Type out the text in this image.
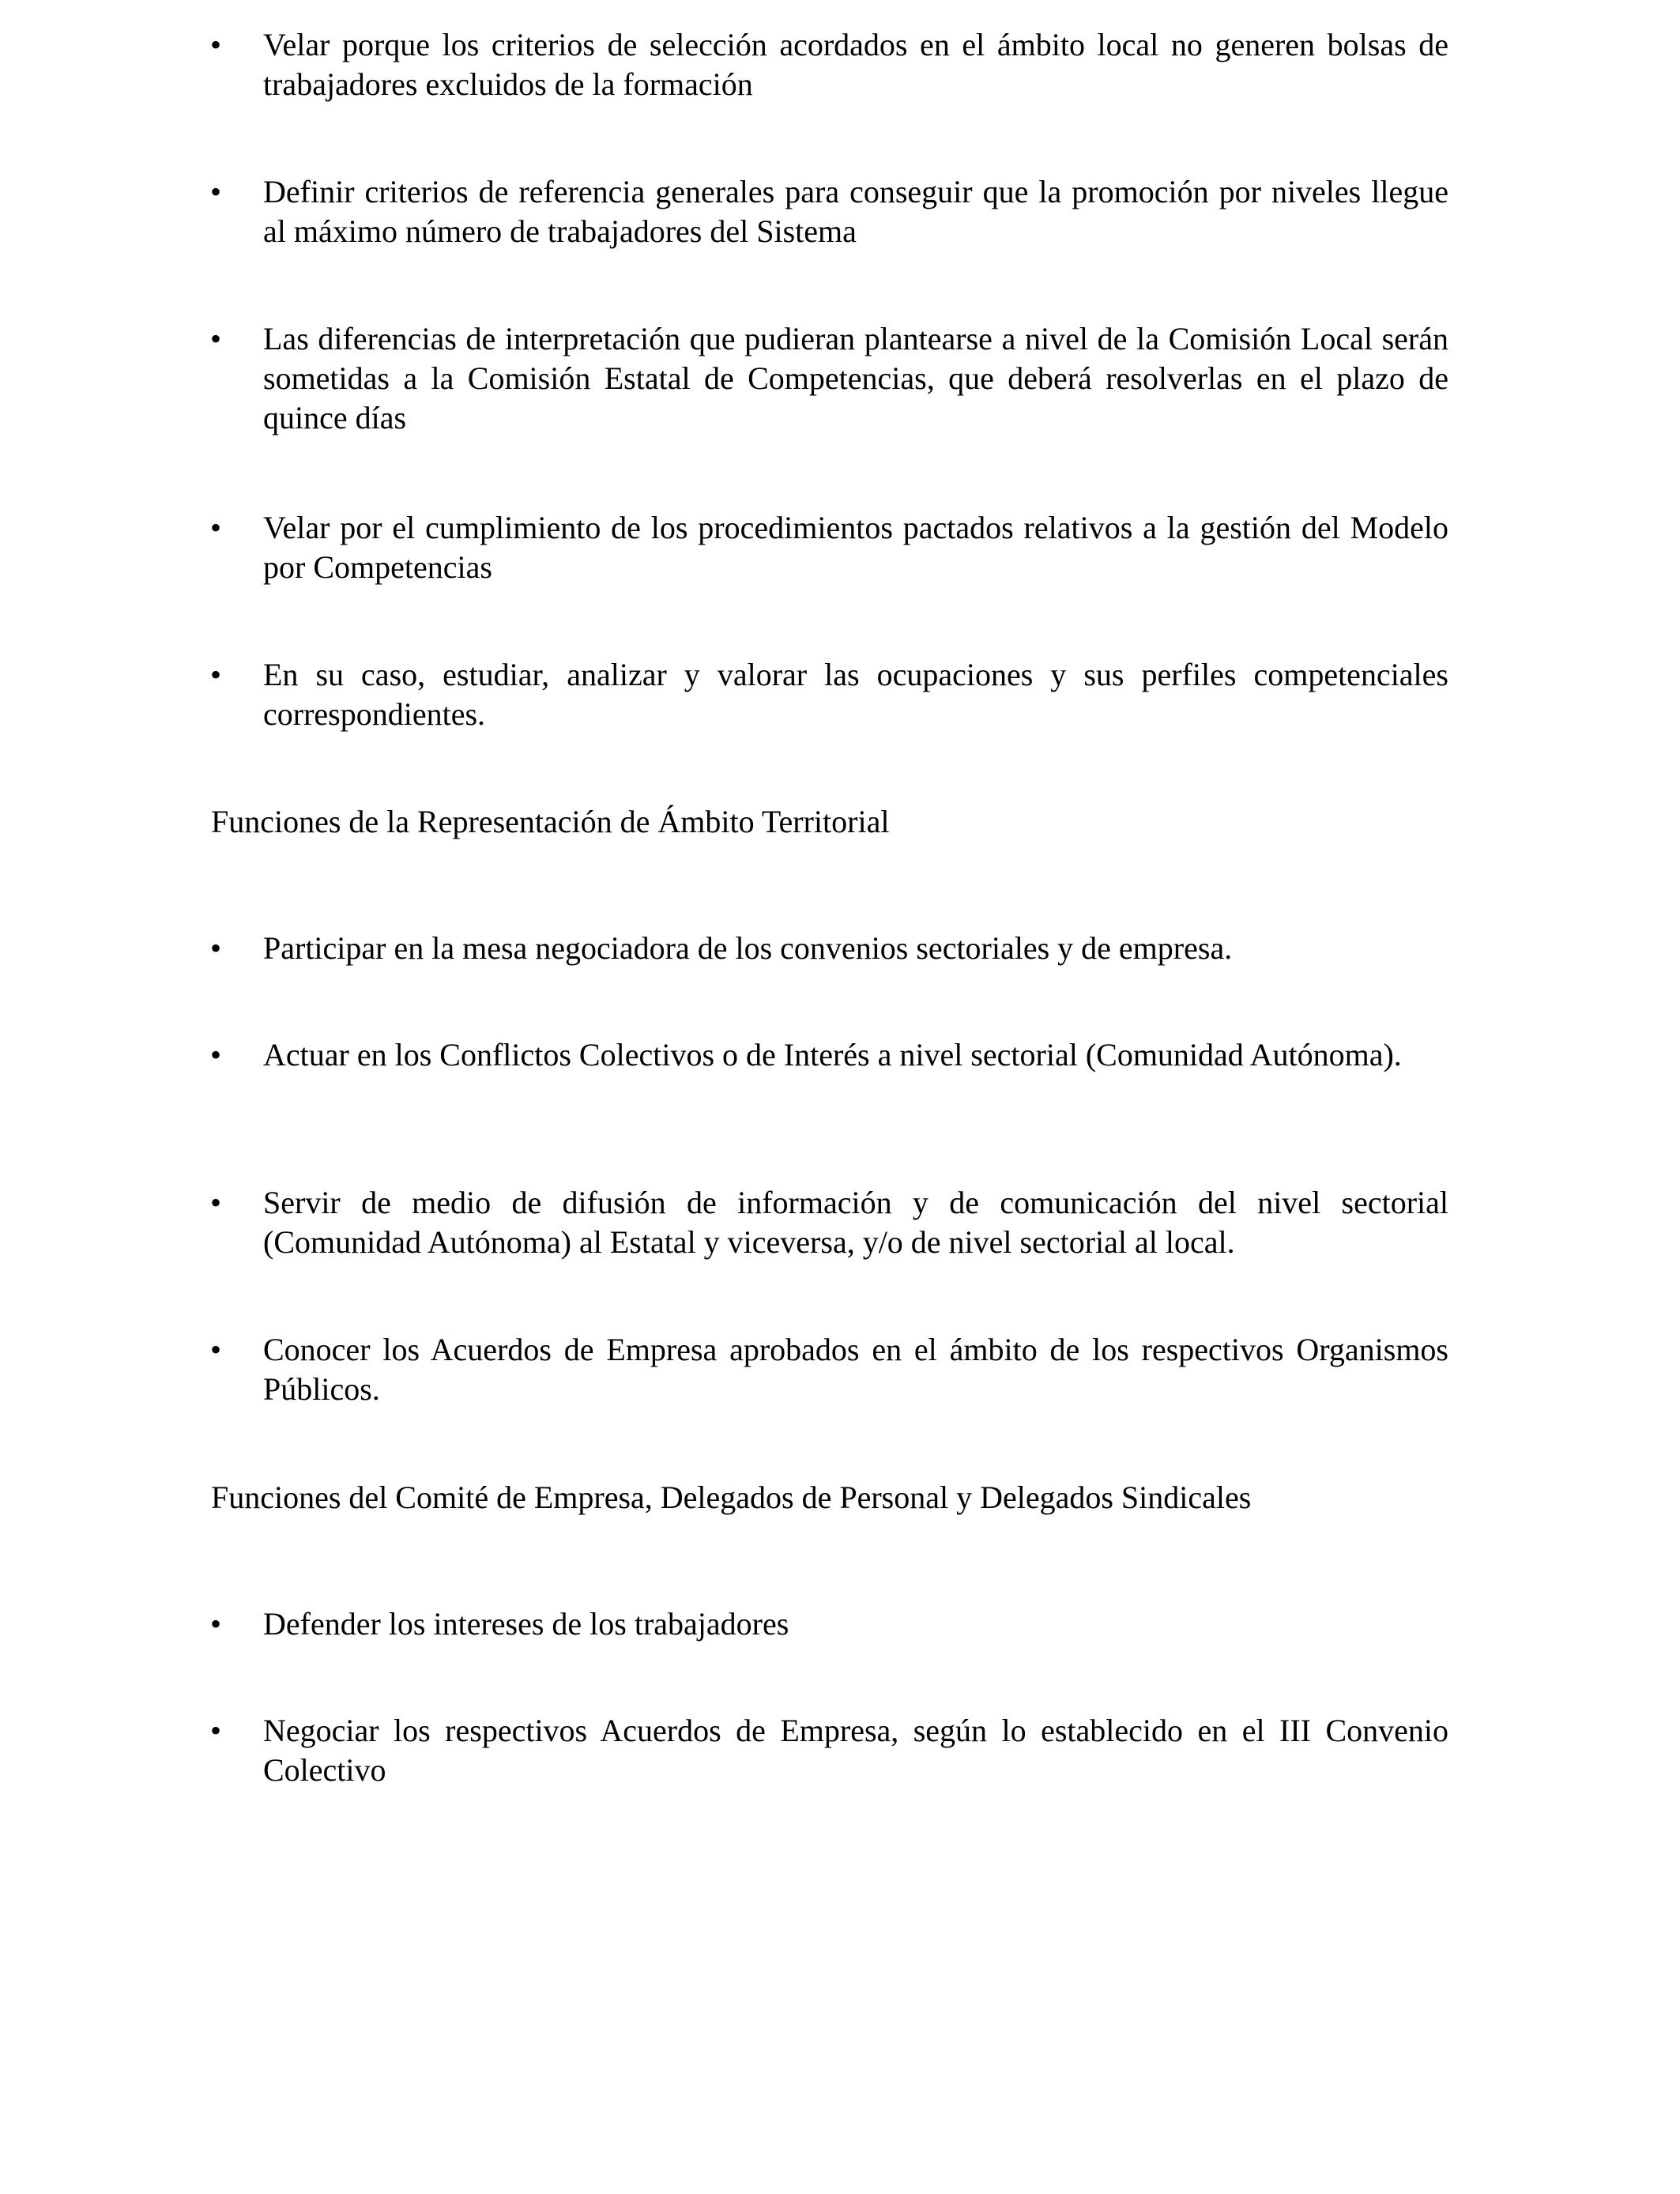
•	Velar porque los criterios de selección acordados en el ámbito local no generen bolsas de trabajadores excluidos de la formación
•	Definir criterios de referencia generales para conseguir que la promoción por niveles llegue al máximo número de trabajadores del Sistema
•	Las diferencias de interpretación que pudieran plantearse a nivel de la Comisión Local serán sometidas a la Comisión Estatal de Competencias, que deberá resolverlas en el plazo de quince días
•	Velar por el cumplimiento de los procedimientos pactados relativos a la gestión del Modelo por Competencias
•	En su caso, estudiar, analizar y valorar las ocupaciones y sus perfiles competenciales correspondientes.
Funciones de la Representación de Ámbito Territorial
•	Participar en la mesa negociadora de los convenios sectoriales y de empresa.
•	Actuar en los Conflictos Colectivos o de Interés a nivel sectorial (Comunidad Autónoma).
•	Servir de medio de difusión de información y de comunicación del nivel sectorial (Comunidad Autónoma) al Estatal y viceversa, y/o de nivel sectorial al local.
•	Conocer los Acuerdos de Empresa aprobados en el ámbito de los respectivos Organismos Públicos.
Funciones del Comité de Empresa, Delegados de Personal y Delegados Sindicales
•	Defender los intereses de los trabajadores
•	Negociar los respectivos Acuerdos de Empresa, según lo establecido en el III Convenio Colectivo
